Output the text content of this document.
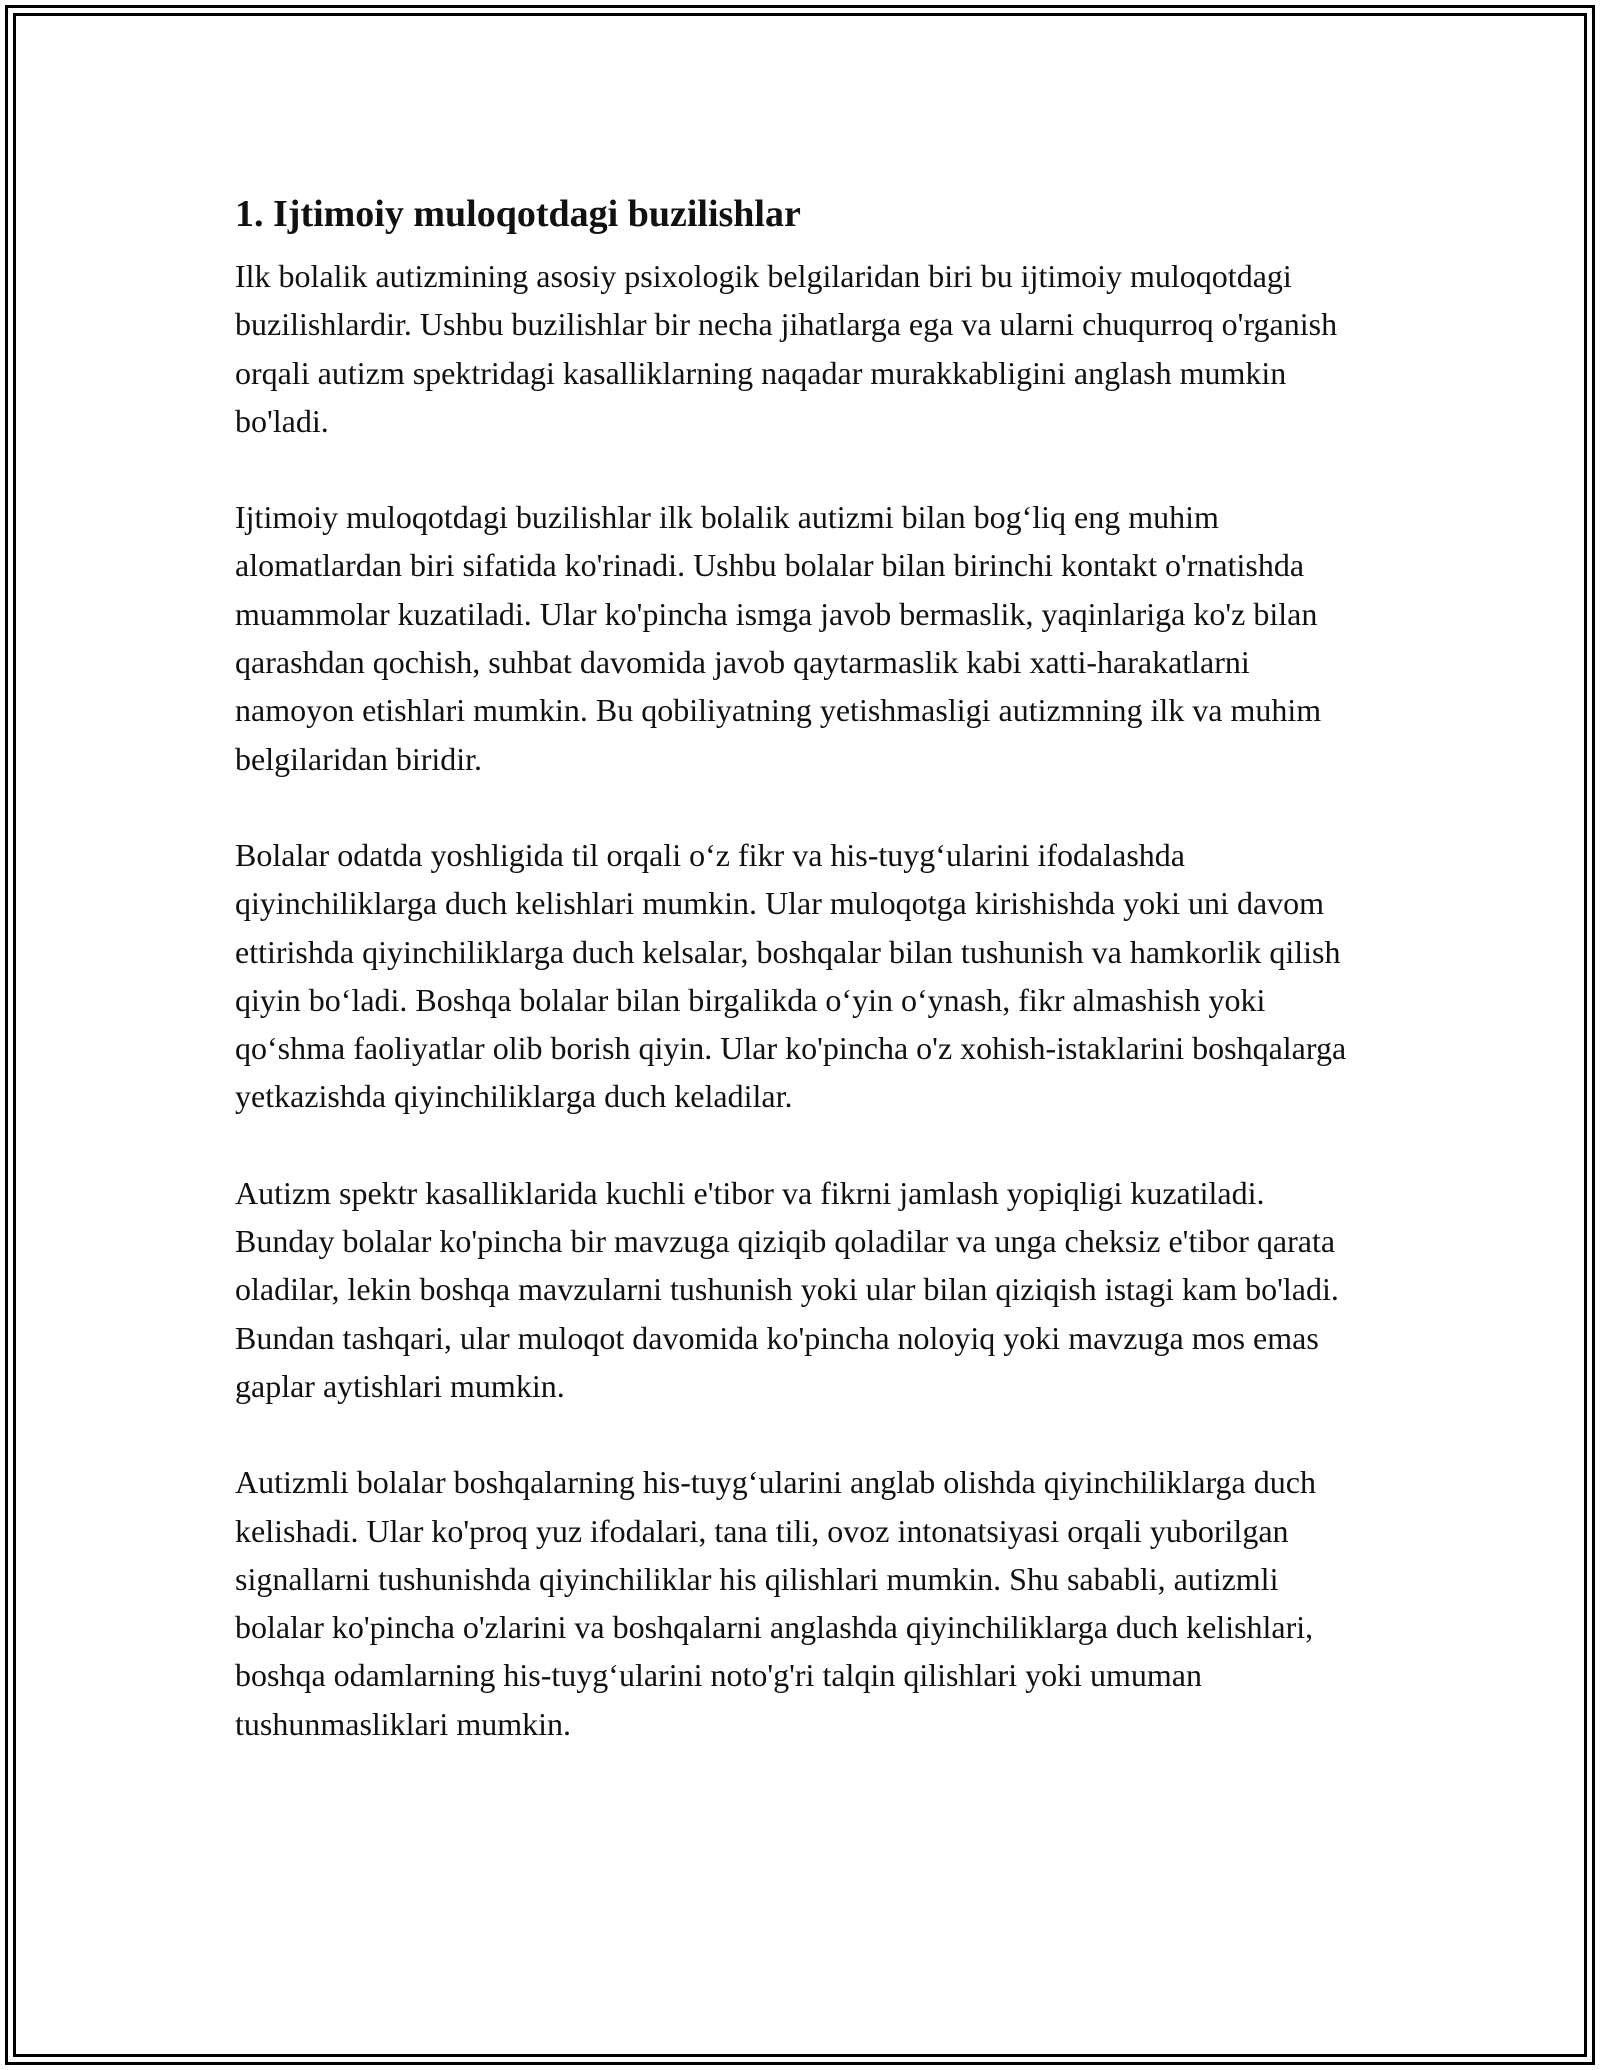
1. Ijtimoiy muloqotdagi buzilishlar

Ilk bolalik autizmining asosiy psixologik belgilaridan biri bu ijtimoiy muloqotdagi buzilishlardir. Ushbu buzilishlar bir necha jihatlarga ega va ularni chuqurroq o'rganish orqali autizm spektridagi kasalliklarning naqadar murakkabligini anglash mumkin bo'ladi.

Ijtimoiy muloqotdagi buzilishlar ilk bolalik autizmi bilan bog‘liq eng muhim alomatlardan biri sifatida ko'rinadi. Ushbu bolalar bilan birinchi kontakt o'rnatishda muammolar kuzatiladi. Ular ko'pincha ismga javob bermaslik, yaqinlariga ko'z bilan qarashdan qochish, suhbat davomida javob qaytarmaslik kabi xatti-harakatlarni namoyon etishlari mumkin. Bu qobiliyatning yetishmasligi autizmning ilk va muhim belgilaridan biridir.

Bolalar odatda yoshligida til orqali o‘z fikr va his-tuyg‘ularini ifodalashda qiyinchiliklarga duch kelishlari mumkin. Ular muloqotga kirishishda yoki uni davom ettirishda qiyinchiliklarga duch kelsalar, boshqalar bilan tushunish va hamkorlik qilish qiyin bo‘ladi. Boshqa bolalar bilan birgalikda o‘yin o‘ynash, fikr almashish yoki qo‘shma faoliyatlar olib borish qiyin. Ular ko'pincha o'z xohish-istaklarini boshqalarga yetkazishda qiyinchiliklarga duch keladilar.

Autizm spektr kasalliklarida kuchli e'tibor va fikrni jamlash yopiqligi kuzatiladi. Bunday bolalar ko'pincha bir mavzuga qiziqib qoladilar va unga cheksiz e'tibor qarata oladilar, lekin boshqa mavzularni tushunish yoki ular bilan qiziqish istagi kam bo'ladi. Bundan tashqari, ular muloqot davomida ko'pincha noloyiq yoki mavzuga mos emas gaplar aytishlari mumkin.

Autizmli bolalar boshqalarning his-tuyg‘ularini anglab olishda qiyinchiliklarga duch kelishadi. Ular ko'proq yuz ifodalari, tana tili, ovoz intonatsiyasi orqali yuborilgan signallarni tushunishda qiyinchiliklar his qilishlari mumkin. Shu sababli, autizmli bolalar ko'pincha o'zlarini va boshqalarni anglashda qiyinchiliklarga duch kelishlari, boshqa odamlarning his-tuyg‘ularini noto'g'ri talqin qilishlari yoki umuman tushunmasliklari mumkin.
